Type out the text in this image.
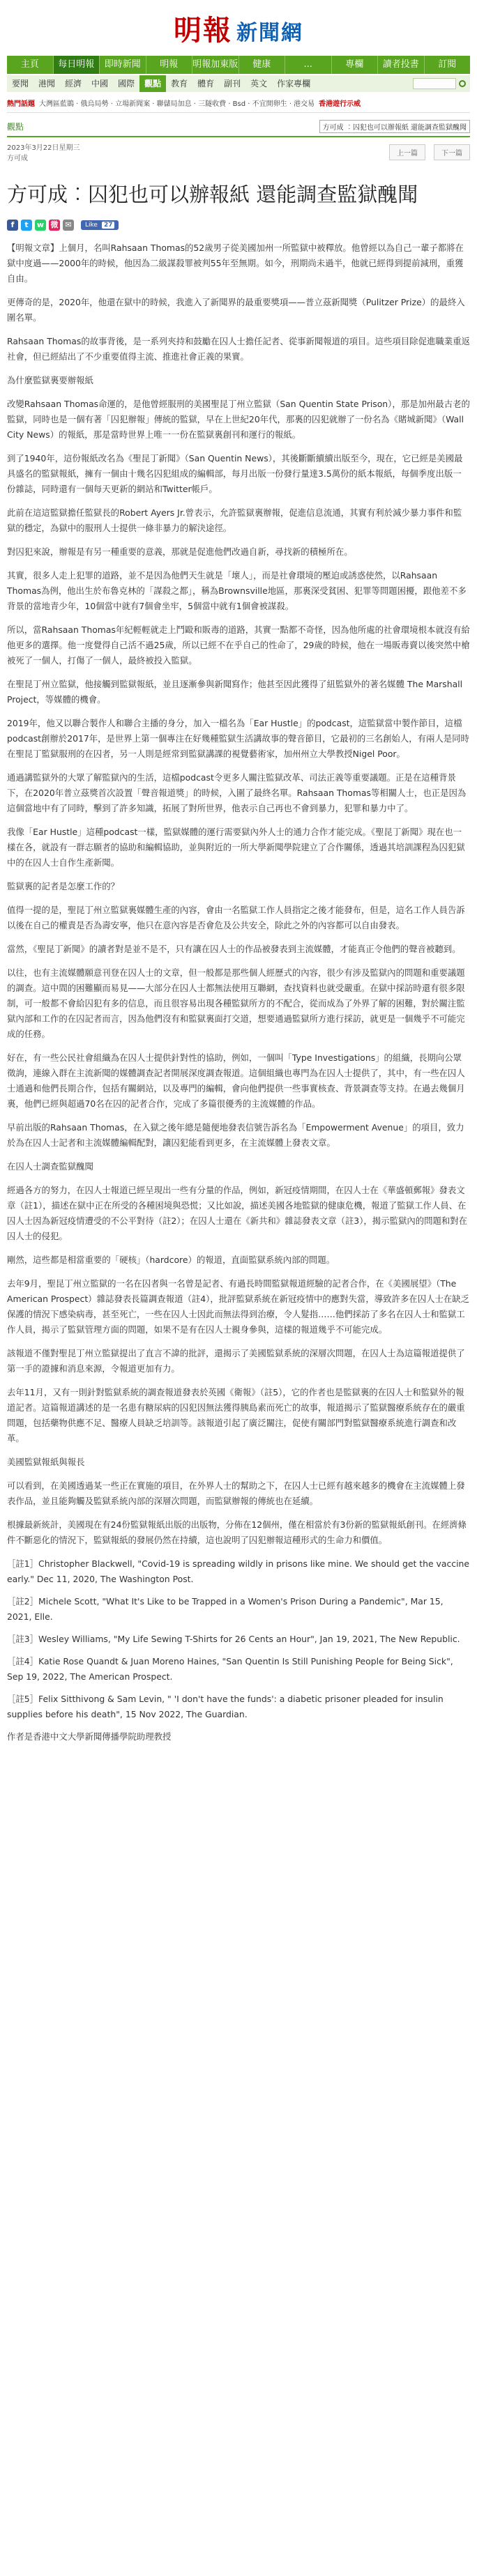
明報 新聞網
主頁	每日明報	即時新聞	明報	明報加東版	健康	...	專欄	讀者投書	訂閱
要聞	港聞	經濟	中國	國際	觀點	教育	體育	副刊	英文	作家專欄
熱門話題 大灣區藍鵲 · 俄烏局勢 · 立場新聞案 · 聯儲局加息 · 三隧收費 · Bsd · 不宜開卵生 · 港交易 香港遊行示威
觀點	方可成 ︰囚犯也可以辦報紙 還能調查監獄醜聞
2023年3月22日星期三
方可成
上一篇	下一篇
方可成︰囚犯也可以辦報紙 還能調查監獄醜聞
f	t	w 微 ✉	Like	27

【明報文章】上個月，名叫Rahsaan Thomas的52歲男子從美國加州一所監獄中被釋放。他曾經以為自己一輩子都將在獄中度過——2000年的時候，他因為二級謀殺罪被判55年至無期。如今，刑期尚未過半，他就已經得到提前減刑，重獲自由。

更傳奇的是，2020年，他還在獄中的時候，我進入了新聞界的最重要獎項——普立茲新聞獎（Pulitzer Prize）的最終入圍名單。

Rahsaan Thomas的故事背後，是一系列夾持和鼓勵在囚人士擔任記者、從事新聞報道的項目。這些項目除促進職業重返社會，但已經結出了不少重要值得主流、推進社會正義的果實。

為什麼監獄裏要辦報紙

改變Rahsaan Thomas命運的，是他曾經服刑的美國聖昆丁州立監獄（San Quentin State Prison），那是加州最古老的監獄，同時也是一個有著「囚犯辦報」傳統的監獄，早在上世紀20年代，那裏的囚犯就辦了一份名為《賭城新聞》（Wall City News）的報紙，那是當時世界上唯一一份在監獄裏創刊和運行的報紙。

到了1940年，這份報紙改名為《聖昆丁新聞》（San Quentin News），其後斷斷續續出版至今，現在，它已經是美國最具盛名的監獄報紙，擁有一個由十幾名囚犯組成的編輯部，每月出版一份發行量達3.5萬份的紙本報紙，每個季度出版一份雜誌，同時還有一個每天更新的網站和Twitter帳戶。

此前在這這監獄擔任監獄長的Robert Ayers Jr.曾表示，允許監獄裏辦報，促進信息流通，其實有利於減少暴力事件和監獄的穩定，為獄中的服刑人士提供一條非暴力的解決途徑。

對囚犯來說，辦報是有另一種重要的意義，那就是促進他們改過自新，尋找新的積極所在。

其實，很多人走上犯罪的道路，並不是因為他們天生就是「壞人」，而是社會環境的壓迫或誘惑使然，以Rahsaan Thomas為例，他出生於布魯克林的「謀殺之都」，稱為Brownsville地區，那裏深受貧困、犯罪等問題困擾，跟他差不多背景的當地青少年，10個當中就有7個會坐牢，5個當中就有1個會被謀殺。

所以，當Rahsaan Thomas年紀輕輕就走上鬥毆和販毒的道路，其實一點都不奇怪，因為他所處的社會環境根本就沒有給他更多的選擇。他一度覺得自己活不過25歲，所以已經不在乎自己的性命了，29歲的時候，他在一場販毒賣以後突然中槍被死了一個人，打傷了一個人，最終被投入監獄。

在聖昆丁州立監獄，他接觸到監獄報紙，並且逐漸參與新聞寫作；他甚至因此獲得了紐監獄外的著名媒體 The Marshall Project，等媒體的機會。

2019年，他又以聯合製作人和聯合主播的身分，加入一檔名為「Ear Hustle」的podcast，這監獄當中製作節目，這檔podcast創辦於2017年，是世界上第一個專注在好幾種監獄生活講故事的聲音節目，它最初的三名創始人，有兩人是同時在聖昆丁監獄服刑的在囚者，另一人則是經常到監獄講課的視覺藝術家，加州州立大學教授Nigel Poor。

通過講監獄外的大眾了解監獄內的生活，這檔podcast令更多人關注監獄改革、司法正義等重要議題。正是在這種背景下，在2020年普立茲獎首次設置「聲音報道獎」的時候，入圍了最終名單。Rahsaan Thomas等相關人士，也正是因為這個當地中有了同時，擊到了許多知識，拓展了對所世界，他表示自己再也不會到暴力，犯罪和暴力中了。

我像「Ear Hustle」這種podcast一樣，監獄媒體的運行需要獄內外人士的通力合作才能完成。《聖昆丁新聞》現在也一樣在各，就設有一群志願者的協助和編輯協助，並與附近的一所大學新聞學院建立了合作關係，透過其培訓課程為囚犯獄中的在囚人士自作生產新聞。

監獄裏的記者是怎麼工作的？

值得一提的是，聖昆丁州立監獄裏媒體生產的內容，會由一名監獄工作人員指定之後才能發布，但是，這名工作人員告訴以後在自己的權責是否為壽安寧，他只在意內容是否會危及公共安全，除此之外的內容都可以自由發表。

當然，《聖昆丁新聞》的讀者對是並不是不，只有讓在囚人士的作品被發表到主流媒體，才能真正令他們的聲音被聽到。

以往，也有主流媒體願意刊登在囚人士的文章，但一般都是那些個人經歷式的內容，很少有涉及監獄內的問題和重要議題的調查。這中間的困難顯而易見——大部分在囚人士都無法使用互聯網，查找資料也就受嚴重。在獄中採訪時還有很多限制，可一般都不會給囚犯有多的信息，而且很容易出現各種監獄所方的不配合，從而成為了外界了解的困難，對於關注監獄內部和工作的在囚記者而言，因為他們沒有和監獄裏面打交道，想要通過監獄所方進行採訪，就更是一個幾乎不可能完成的任務。

好在，有一些公民社會組織為在囚人士提供針對性的協助，例如，一個叫「Type Investigations」的組織，長期向公眾徵詢，連線入群在主流新聞的媒體調查記者開展深度調查報道。這個組織也專門為在囚人士提供了，其中，有一些在囚人士通過和他們長期合作，包括有關網站，以及專門的編輯，會向他們提供一些事實核查、背景調查等支持。在過去幾個月裏，他們已經與超過70名在囚的記者合作，完成了多篇很優秀的主流媒體的作品。

早前出版的Rahsaan Thomas，在入獄之後年總是隨便地發表信號告訴名為「Empowerment Avenue」的項目，致力於為在囚人士記者和主流媒體編輯配對，讓囚犯能看到更多，在主流媒體上發表文章。

在囚人士調查監獄醜聞

經過各方的努力，在囚人士報道已經呈現出一些有分量的作品，例如，新冠疫情期間，在囚人士在《華盛頓郵報》發表文章（註1），描述在獄中正在所受的各種困境與恐慌；又比如說，描述美國各地監獄的健康危機，報道了監獄工作人員、在囚人士因為新冠疫情遭受的不公平對待（註2）；在囚人士還在《新共和》雜誌發表文章（註3），揭示監獄內的問題和對在囚人士的侵犯。

剛然，這些都是相當重要的「硬核」（hardcore）的報道，直面監獄系統內部的問題。

去年9月，聖昆丁州立監獄的一名在囚者與一名曾是記者、有過長時間監獄報道經驗的記者合作，在《美國展望》（The American Prospect）雜誌發表長篇調查報道（註4），批評監獄系統在新冠疫情中的應對失當，導致許多在囚人士在缺乏保護的情況下感染病毒，甚至死亡，一些在囚人士因此而無法得到治療，令人髮指……他們採訪了多名在囚人士和監獄工作人員，揭示了監獄管理方面的問題，如果不是有在囚人士親身參與，這樣的報道幾乎不可能完成。

該報道不僅對聖昆丁州立監獄提出了直言不諱的批評，還揭示了美國監獄系統的深層次問題，在囚人士為這篇報道提供了第一手的證據和消息來源，令報道更加有力。

去年11月，又有一則針對監獄系統的調查報道發表於英國《衛報》（註5），它的作者也是監獄裏的在囚人士和監獄外的報道記者。這篇報道講述的是一名患有糖尿病的囚犯因無法獲得胰島素而死亡的故事，報道揭示了監獄醫療系統存在的嚴重問題，包括藥物供應不足、醫療人員缺乏培訓等。該報道引起了廣泛關注，促使有關部門對監獄醫療系統進行調查和改革。

美國監獄報紙與報長

可以看到，在美國透過某一些正在實施的項目，在外界人士的幫助之下，在囚人士已經有越來越多的機會在主流媒體上發表作品，並且能夠觸及監獄系統內部的深層次問題，而監獄辦報的傳統也在延續。

根據最新統計，美國現在有24份監獄報紙出版的出版物，分佈在12個州，僅在相當於有3份新的監獄報紙創刊。在經濟條件不斷惡化的情況下，監獄報紙的發展仍然在持續，這也說明了囚犯辦報這種形式的生命力和價值。

［註1］Christopher Blackwell, "Covid-19 is spreading wildly in prisons like mine. We should get the vaccine early." Dec 11, 2020, The Washington Post.

［註2］Michele Scott, "What It's Like to be Trapped in a Women's Prison During a Pandemic", Mar 15, 2021, Elle.

［註3］Wesley Williams, "My Life Sewing T-Shirts for 26 Cents an Hour", Jan 19, 2021, The New Republic.

［註4］Katie Rose Quandt & Juan Moreno Haines, "San Quentin Is Still Punishing People for Being Sick", Sep 19, 2022, The American Prospect.

［註5］Felix Sitthivong & Sam Levin, " 'I don't have the funds': a diabetic prisoner pleaded for insulin supplies before his death", 15 Nov 2022, The Guardian.

作者是香港中文大學新聞傳播學院助理教授
